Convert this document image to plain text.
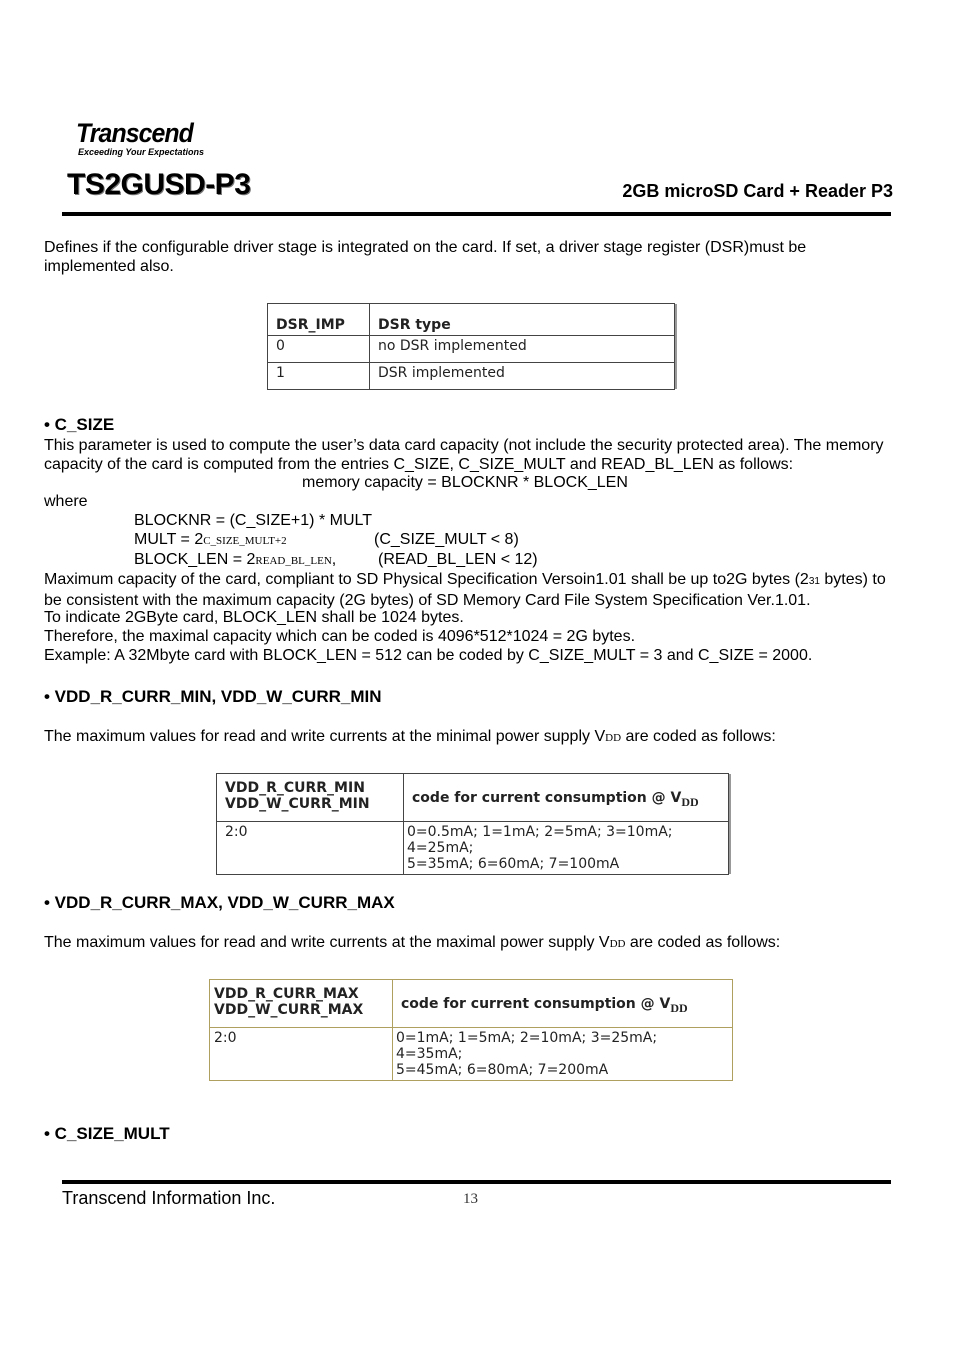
Transcend
Exceeding Your Expectations
TS2GUSD-P3	2GB microSD Card + Reader P3
Defines if the configurable driver stage is integrated on the card. If set, a driver stage register (DSR)must be implemented also.
DSR_IMP	DSR type
0	no DSR implemented
1	DSR implemented
• C_SIZE
This parameter is used to compute the user’s data card capacity (not include the security protected area). The memory capacity of the card is computed from the entries C_SIZE, C_SIZE_MULT and READ_BL_LEN as follows:
memory capacity = BLOCKNR * BLOCK_LEN
where
BLOCKNR = (C_SIZE+1) * MULT
MULT = 2C_SIZE_MULT+2	(C_SIZE_MULT < 8)
BLOCK_LEN = 2READ_BL_LEN,	(READ_BL_LEN < 12)
Maximum capacity of the card, compliant to SD Physical Specification Versoin1.01 shall be up to2G bytes (231 bytes) to be consistent with the maximum capacity (2G bytes) of SD Memory Card File System Specification Ver.1.01.
To indicate 2GByte card, BLOCK_LEN shall be 1024 bytes.
Therefore, the maximal capacity which can be coded is 4096*512*1024 = 2G bytes.
Example: A 32Mbyte card with BLOCK_LEN = 512 can be coded by C_SIZE_MULT = 3 and C_SIZE = 2000.
• VDD_R_CURR_MIN, VDD_W_CURR_MIN
The maximum values for read and write currents at the minimal power supply VDD are coded as follows:
VDD_R_CURR_MIN
VDD_W_CURR_MIN	code for current consumption @ VDD
2:0	0=0.5mA; 1=1mA; 2=5mA; 3=10mA; 4=25mA;
5=35mA; 6=60mA; 7=100mA
• VDD_R_CURR_MAX, VDD_W_CURR_MAX
The maximum values for read and write currents at the maximal power supply VDD are coded as follows:
VDD_R_CURR_MAX
VDD_W_CURR_MAX	code for current consumption @ VDD
2:0	0=1mA; 1=5mA; 2=10mA; 3=25mA; 4=35mA;
5=45mA; 6=80mA; 7=200mA
• C_SIZE_MULT
Transcend Information Inc.	13
